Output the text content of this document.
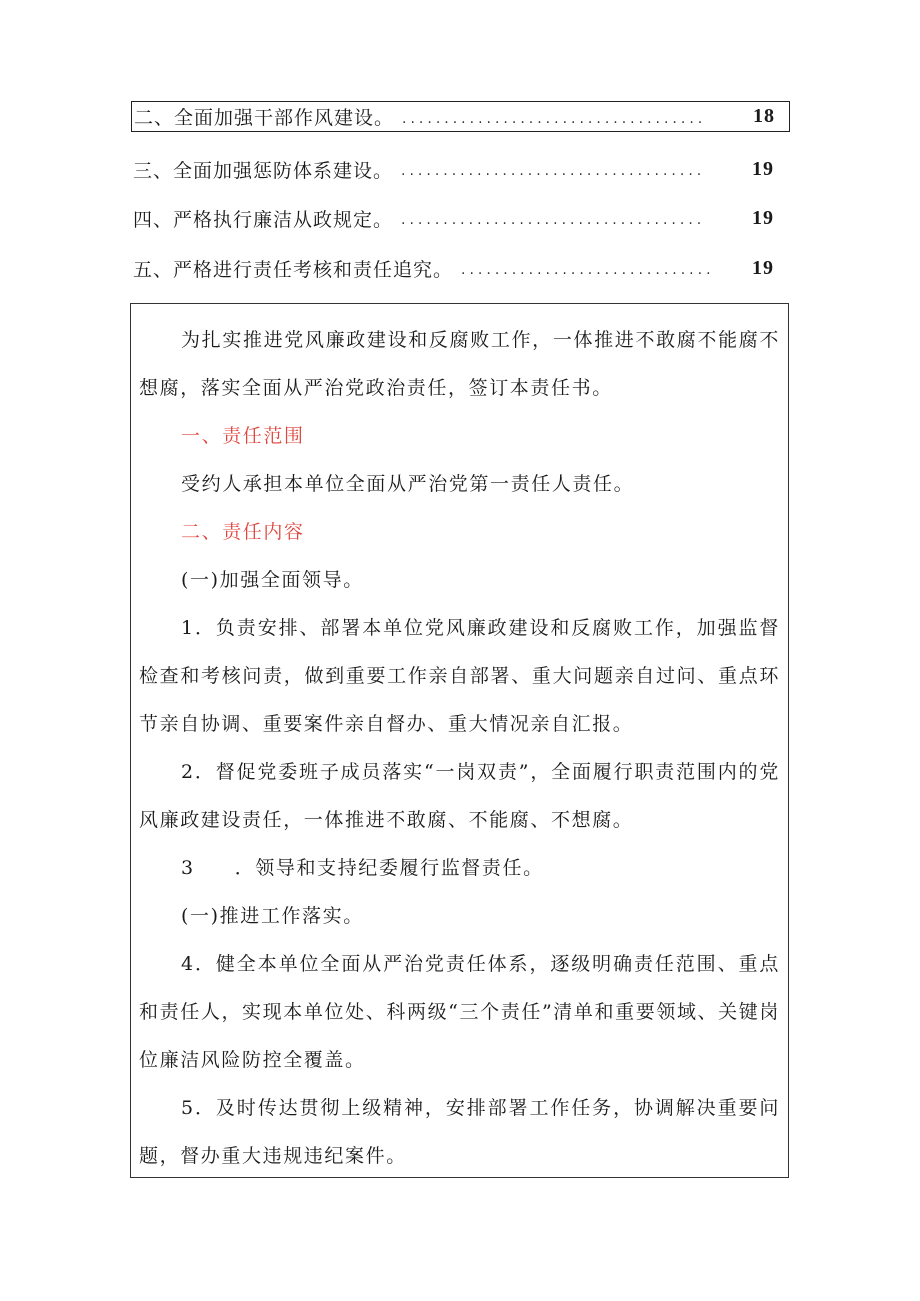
二、全面加强干部作风建设。 ....................................	18
三、全面加强惩防体系建设。 ....................................	19
四、严格执行廉洁从政规定。 ....................................	19
五、严格进行责任考核和责任追究。 ..............................	19
为扎实推进党风廉政建设和反腐败工作，一体推进不敢腐不能腐不想腐，落实全面从严治党政治责任，签订本责任书。
一、责任范围
受约人承担本单位全面从严治党第一责任人责任。
二、责任内容
(一)加强全面领导。
1．负责安排、部署本单位党风廉政建设和反腐败工作，加强监督检查和考核问责，做到重要工作亲自部署、重大问题亲自过问、重点环节亲自协调、重要案件亲自督办、重大情况亲自汇报。
2．督促党委班子成员落实“一岗双责”，全面履行职责范围内的党风廉政建设责任，一体推进不敢腐、不能腐、不想腐。
3 ．领导和支持纪委履行监督责任。
(一)推进工作落实。
4．健全本单位全面从严治党责任体系，逐级明确责任范围、重点和责任人，实现本单位处、科两级“三个责任”清单和重要领域、关键岗位廉洁风险防控全覆盖。
5．及时传达贯彻上级精神，安排部署工作任务，协调解决重要问题，督办重大违规违纪案件。
